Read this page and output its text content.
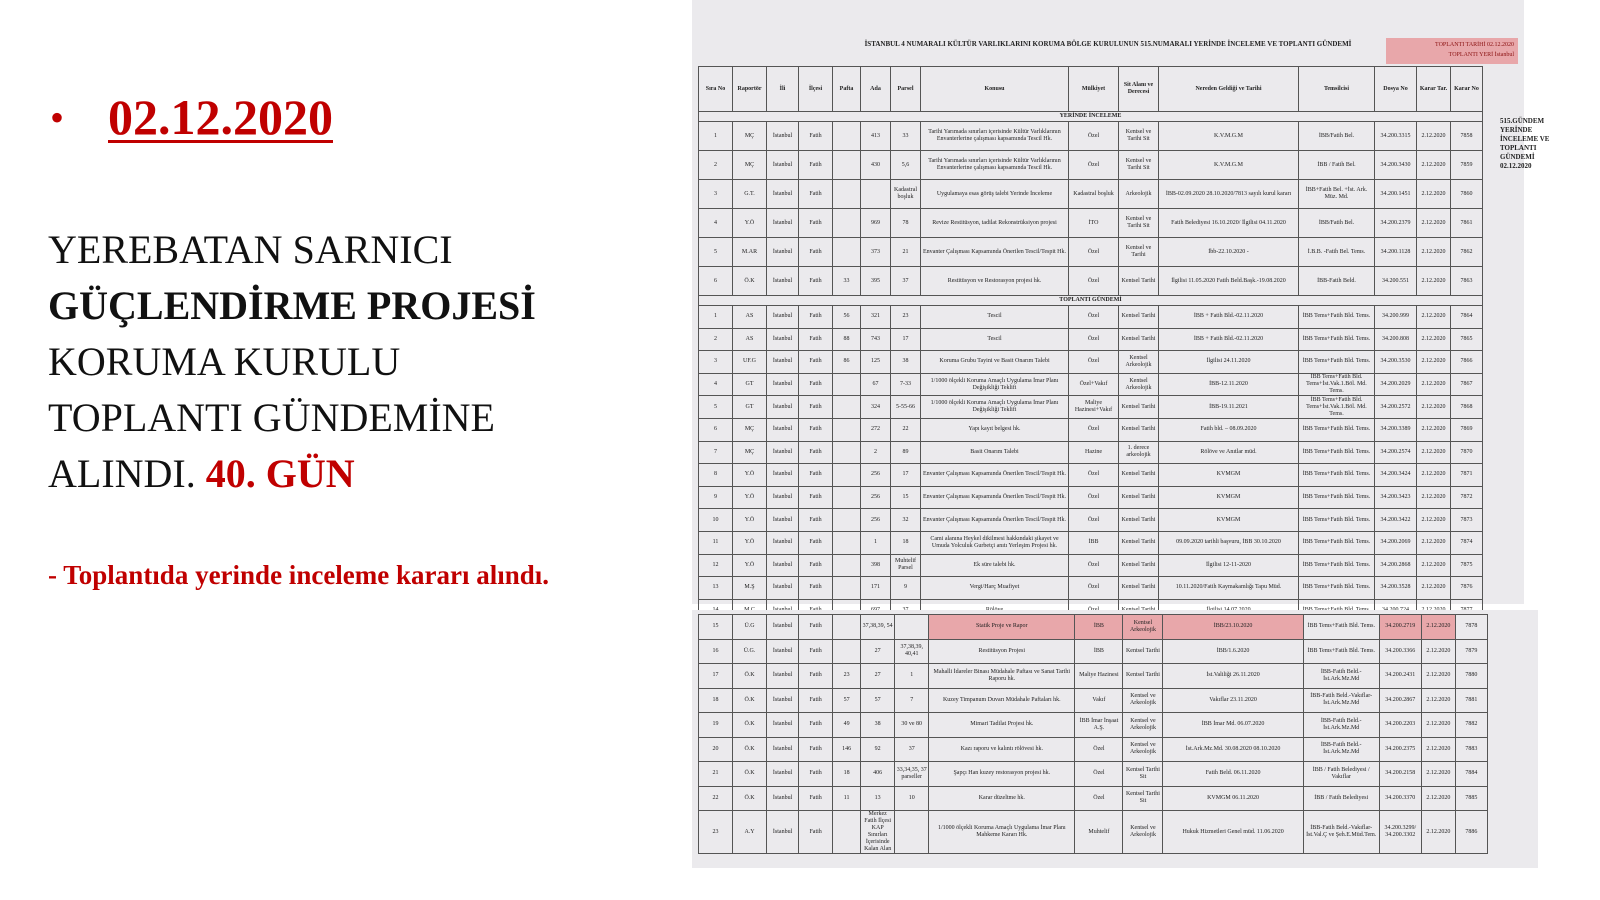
• 02.12.2020
YEREBATAN SARNICI
GÜÇLENDİRME PROJESİ
KORUMA KURULU
TOPLANTI GÜNDEMİNE
ALINDI. 40. GÜN
- Toplantıda yerinde inceleme kararı alındı.
İSTANBUL 4 NUMARALI KÜLTÜR VARLIKLARINI KORUMA BÖLGE KURULUNUN 515.NUMARALI YERİNDE İNCELEME VE TOPLANTI GÜNDEMİ	TOPLANTI TARİHİ 02.12.2020
TOPLANTI YERİ İstanbul
Sıra No	Raportör	İli	İlçesi	Pafta	Ada	Parsel	Konusu	Mülkiyet	Sit Alanı ve Derecesi	Nereden Geldiği ve Tarihi	Temsilcisi	Dosya No	Karar Tar.	Karar No
YERİNDE İNCELEME														
1	MÇ	İstanbul	Fatih		413	33	Tarihi Yarımada sınırları içerisinde Kültür Varlıklarının Envanterlerine çalışması kapsamında Tescil Hk.	Özel	Kentsel ve Tarihi Sit	K.V.M.G.M	İBB/Fatih Bel.	34.200.3315	2.12.2020	7858
2	MÇ	İstanbul	Fatih		430	5,6	Tarihi Yarımada sınırları içerisinde Kültür Varlıklarının Envanterlerine çalışması kapsamında Tescil Hk.	Özel	Kentsel ve Tarihi Sit	K.V.M.G.M	İBB / Fatih Bel.	34.200.3430	2.12.2020	7859
3	G.T.	İstanbul	Fatih			Kadastral boşluk	Uygulamaya esas görüş talebi Yerinde İnceleme	Kadastral boşluk	Arkeolojik	İBB-02.09.2020 28.10.2020/7813 sayılı kurul kararı	İBB+Fatih Bel. +İst. Ark. Müz. Md.	34.200.1451	2.12.2020	7860
4	Y.Ö	İstanbul	Fatih		969	78	Revize Restitüsyon, tadilat Rekonstrüksiyon projesi	İTO	Kentsel ve Tarihi Sit	Fatih Belediyesi 16.10.2020/ İlgilisi 04.11.2020	İBB/Fatih Bel.	34.200.2379	2.12.2020	7861
5	M.AR	İstanbul	Fatih		373	21	Envanter Çalışması Kapsamında Önerilen Tescil/Tespit Hk.	Özel	Kentsel ve Tarihi	İbb-22.10.2020 -	İ.B.B. -Fatih Bel. Tems.	34.200.1128	2.12.2020	7862
6	Ö.K	İstanbul	Fatih	33	395	37	Restitüsyon ve Restorasyon projesi hk.	Özel	Kentsel Tarihi	İlgilisi 11.05.2020 Fatih Beld.Başk.-19.08.2020	İBB-Fatih Beld.	34.200.551	2.12.2020	7863
TOPLANTI GÜNDEMİ														
1	AS	İstanbul	Fatih	56	321	23	Tescil	Özel	Kentsel Tarihi	İBB + Fatih Bld.-02.11.2020	İBB Tems+Fatih Bld. Tems.	34.200.999	2.12.2020	7864
2	AS	İstanbul	Fatih	88	743	17	Tescil	Özel	Kentsel Tarihi	İBB + Fatih Bld.-02.11.2020	İBB Tems+Fatih Bld. Tems.	34.200.808	2.12.2020	7865
3	UF.G	İstanbul	Fatih	86	125	38	Koruma Grubu Tayini ve Basit Onarım Talebi	Özel	Kentsel Arkeolojik	İlgilisi 24.11.2020	İBB Tems+Fatih Bld. Tems.	34.200.3530	2.12.2020	7866
4	GT	İstanbul	Fatih		67	7-33	1/1000 ölçekli Koruma Amaçlı Uygulama İmar Planı Değişikliği Teklifi	Özel+Vakıf	Kentsel Arkeolojik	İBB-12.11.2020	İBB Tems+Fatih Bld. Tems+İst.Vak.1.Böl. Md. Tems.	34.200.2029	2.12.2020	7867
5	GT	İstanbul	Fatih		324	5-55-66	1/1000 ölçekli Koruma Amaçlı Uygulama İmar Planı Değişikliği Teklifi	Maliye Hazinesi+Vakıf	Kentsel Tarihi	İBB-19.11.2021	İBB Tems+Fatih Bld. Tems+İst.Vak.1.Böl. Md. Tems.	34.200.2572	2.12.2020	7868
6	MÇ	İstanbul	Fatih		272	22	Yapı kayıt belgesi hk.	Özel	Kentsel Tarihi	Fatih bld. – 08.09.2020	İBB Tems+Fatih Bld. Tems.	34.200.3389	2.12.2020	7869
7	MÇ	İstanbul	Fatih		2	89	Basit Onarım Talebi	Hazine	1. derece arkeolojik	Rölöve ve Anıtlar müd.	İBB Tems+Fatih Bld. Tems.	34.200.2574	2.12.2020	7870
8	Y.Ö	İstanbul	Fatih		256	17	Envanter Çalışması Kapsamında Önerilen Tescil/Tespit Hk.	Özel	Kentsel Tarihi	KVMGM	İBB Tems+Fatih Bld. Tems.	34.200.3424	2.12.2020	7871
9	Y.Ö	İstanbul	Fatih		256	15	Envanter Çalışması Kapsamında Önerilen Tescil/Tespit Hk.	Özel	Kentsel Tarihi	KVMGM	İBB Tems+Fatih Bld. Tems.	34.200.3423	2.12.2020	7872
10	Y.Ö	İstanbul	Fatih		256	32	Envanter Çalışması Kapsamında Önerilen Tescil/Tespit Hk.	Özel	Kentsel Tarihi	KVMGM	İBB Tems+Fatih Bld. Tems.	34.200.3422	2.12.2020	7873
11	Y.Ö	İstanbul	Fatih		1	18	Cami alanına Heykel dikilmesi hakkındaki şikayet ve Umuda Yolculuk Gurbetçi anıtı Yerleşim Projesi hk.	İBB	Kentsel Tarihi	09.09.2020 tarihli başvuru, İBB 30.10.2020	İBB Tems+Fatih Bld. Tems.	34.200.2069	2.12.2020	7874
12	Y.Ö	İstanbul	Fatih		398	Muhtelif Parsel	Ek süre talebi hk.	Özel	Kentsel Tarihi	İlgilisi 12-11-2020	İBB Tems+Fatih Bld. Tems.	34.200.2868	2.12.2020	7875
13	M.Ş	İstanbul	Fatih		171	9	Vergi/Harç Muafiyet	Özel	Kentsel Tarihi	10.11.2020/Fatih Kaymakamlığı Tapu Müd.	İBB Tems+Fatih Bld. Tems.	34.200.3528	2.12.2020	7876

515.GÜNDEM YERİNDE İNCELEME VE TOPLANTI GÜNDEMİ 02.12.2020
15	Ü.G	İstanbul	Fatih		37,38,39, 54		Statik Proje ve Rapor	İBB	Kentsel Arkeolojik	İBB/23.10.2020	İBB Tems+Fatih Bld. Tems.	34.200.2719	2.12.2020	7878
16	Ü.G.	İstanbul	Fatih		27	37,38,39, 40,41	Restitüsyon Projesi	İBB	Kentsel Tarihi	İBB/1.6.2020	İBB Tems+Fatih Bld. Tems.	34.200.3366	2.12.2020	7879
17	Ö.K	İstanbul	Fatih	23	27	1	Mahalli İdareler Binası Müdahale Paftası ve Sanat Tarihi Raporu hk.	Maliye Hazinesi	Kentsel Tarihi	İst.Valiliği 26.11.2020	İBB-Fatih Beld.- İst.Ark.Mz.Md	34.200.2431	2.12.2020	7880
18	Ö.K	İstanbul	Fatih	57	57	7	Kuzey Timpanum Duvarı Müdahale Paftaları hk.	Vakıf	Kentsel ve Arkeolojik	Vakıflar 23.11.2020	İBB-Fatih Beld.-Vakıflar- İst.Ark.Mz.Md	34.200.2867	2.12.2020	7881
19	Ö.K	İstanbul	Fatih	49	38	30 ve 80	Mimari Tadilat Projesi hk.	İBB İmar İnşaat A.Ş.	Kentsel ve Arkeolojik	İBB İmar Md. 06.07.2020	İBB-Fatih Beld.- İst.Ark.Mz.Md	34.200.2203	2.12.2020	7882
20	Ö.K	İstanbul	Fatih	146	92	37	Kazı raporu ve kalıntı rölövesi hk.	Özel	Kentsel ve Arkeolojik	İst.Ark.Mz.Md. 30.08.2020 08.10.2020	İBB-Fatih Beld.- İst.Ark.Mz.Md	34.200.2375	2.12.2020	7883
21	Ö.K	İstanbul	Fatih	18	406	33,34,35, 37 parseller	Şapçı Han kuzey restorasyon projesi hk.	Özel	Kentsel Tarihi Sit	Fatih Beld. 06.11.2020	İBB / Fatih Belediyesi / Vakıflar	34.200.2158	2.12.2020	7884
22	Ö.K	İstanbul	Fatih	11	13	10	Karar düzeltme hk.	Özel	Kentsel Tarihi Sit	KVMGM 06.11.2020	İBB / Fatih Belediyesi	34.200.3370	2.12.2020	7885
23	A.Y	İstanbul	Fatih		Merkez Fatih İlçesi KAP Sınırları İçerisinde Kalan Alan		1/1000 ölçekli Koruma Amaçlı Uygulama İmar Planı Mahkeme Kararı Hk.	Muhtelif	Kentsel ve Arkeolojik	Hukuk Hizmetleri Genel müd. 11.06.2020	İBB-Fatih Beld.-Vakıflar- İst.Val.Ç ve Şeh.E.Müd.Tem.	34.200.3299/ 34.200.3302	2.12.2020	7886
